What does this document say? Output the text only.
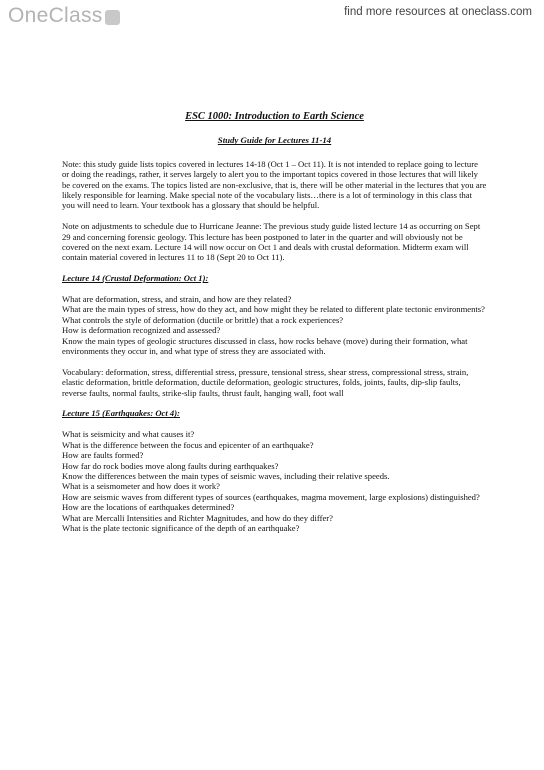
OneClass	find more resources at oneclass.com
ESC 1000: Introduction to Earth Science
Study Guide for Lectures 11-14

Note: this study guide lists topics covered in lectures 14-18 (Oct 1 – Oct 11). It is not intended to replace going to lecture or doing the readings, rather, it serves largely to alert you to the important topics covered in those lectures that will likely be covered on the exams. The topics listed are non-exclusive, that is, there will be other material in the lectures that you are likely responsible for learning. Make special note of the vocabulary lists…there is a lot of terminology in this class that you will need to learn. Your textbook has a glossary that should be helpful.

Note on adjustments to schedule due to Hurricane Jeanne: The previous study guide listed lecture 14 as occurring on Sept 29 and concerning forensic geology. This lecture has been postponed to later in the quarter and will obviously not be covered on the next exam. Lecture 14 will now occur on Oct 1 and deals with crustal deformation. Midterm exam will contain material covered in lectures 11 to 18 (Sept 20 to Oct 11).

Lecture 14 (Crustal Deformation: Oct 1):
What are deformation, stress, and strain, and how are they related?
What are the main types of stress, how do they act, and how might they be related to different plate tectonic environments?
What controls the style of deformation (ductile or brittle) that a rock experiences?
How is deformation recognized and assessed?
Know the main types of geologic structures discussed in class, how rocks behave (move) during their formation, what environments they occur in, and what type of stress they are associated with.

Vocabulary: deformation, stress, differential stress, pressure, tensional stress, shear stress, compressional stress, strain, elastic deformation, brittle deformation, ductile deformation, geologic structures, folds, joints, faults, dip-slip faults, reverse faults, normal faults, strike-slip faults, thrust fault, hanging wall, foot wall

Lecture 15 (Earthquakes: Oct 4):
What is seismicity and what causes it?
What is the difference between the focus and epicenter of an earthquake?
How are faults formed?
How far do rock bodies move along faults during earthquakes?
Know the differences between the main types of seismic waves, including their relative speeds.
What is a seismometer and how does it work?
How are seismic waves from different types of sources (earthquakes, magma movement, large explosions) distinguished?
How are the locations of earthquakes determined?
What are Mercalli Intensities and Richter Magnitudes, and how do they differ?
What is the plate tectonic significance of the depth of an earthquake?
